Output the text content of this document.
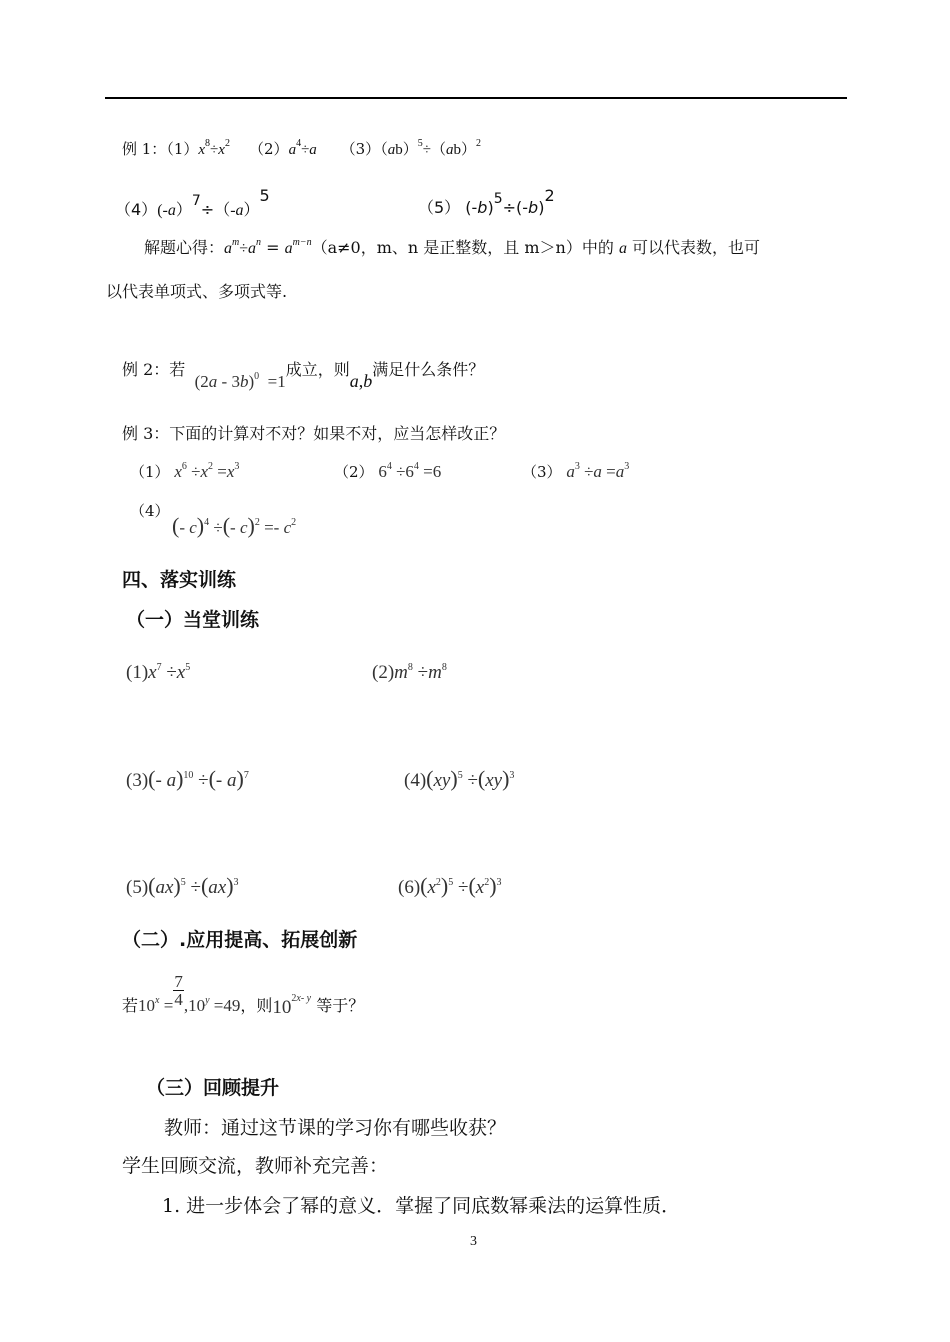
例 1：$(1)x^8\div x^2$ $(2)a^4\div a$ （3）（ab）$^5$÷（ab）$^2$
$(4)(-a)^7\div(-a)^5$
（5） $(-b)^5\div(-b)^2$
解题心得：$a^m\div a^n = a^{m-n}(a\ne 0$，m、n 是正整数，且 m＞n）中的 a 可以代表数，也可
以代表单项式、多项式等.
例 2：若  (2a - 3b)$^0$  =1成立，则a,b满足什么条件？
例 3：下面的计算对不对？如果不对，应当怎样改正？
（1） $x^6 \div x^2 =x^3$	（2） $6^4 \div 6^4 =6$	（3） $a^3 \div a =a^3$
（4）
(- c)$^4$ ÷(- $c)^2 =- c^2$
四、落实训练
（一）当堂训练
$(1)x^7 \div x^5$	$(2)m^8 \div m^8$
(3)(- a)$^{10}$ ÷(- a)$^7$	(4)(xy)$^5$ ÷(xy)$^3$
(5)(ax)$^5$ ÷(ax)$^3$	$(6)(x^2)^5 \div(x^2)^3$
（二）.应用提高、拓展创新
若$10^x = \frac{7}{4} ,10^y =49$，则$10^{2x- y}$ 等于？
（三）回顾提升
教师：通过这节课的学习你有哪些收获？
学生回顾交流，教师补充完善：
1. 进一步体会了幂的意义．掌握了同底数幂乘法的运算性质．
3
